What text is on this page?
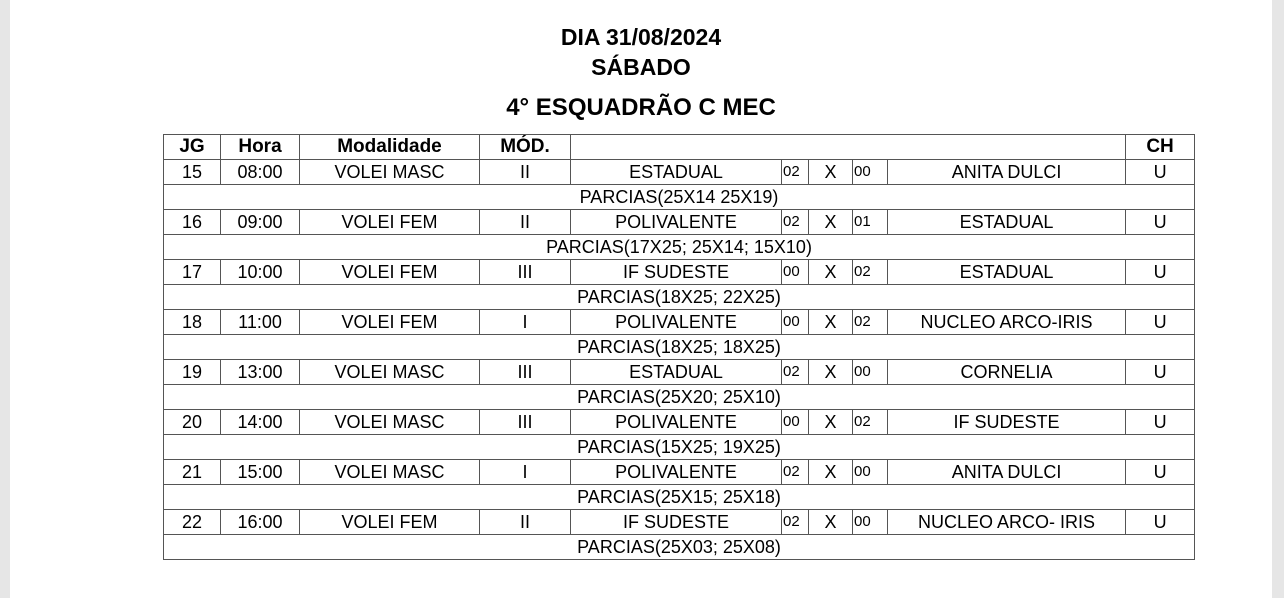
DIA 31/08/2024
SÁBADO
4° ESQUADRÃO C MEC
JG	Hora	Modalidade	MÓD.						CH
15	08:00	VOLEI MASC	II	ESTADUAL	02	X	00	ANITA DULCI	U
PARCIAS(25X14 25X19)									
16	09:00	VOLEI FEM	II	POLIVALENTE	02	X	01	ESTADUAL	U
PARCIAS(17X25; 25X14; 15X10)									
17	10:00	VOLEI FEM	III	IF SUDESTE	00	X	02	ESTADUAL	U
PARCIAS(18X25; 22X25)									
18	11:00	VOLEI FEM	I	POLIVALENTE	00	X	02	NUCLEO ARCO-IRIS	U
PARCIAS(18X25; 18X25)									
19	13:00	VOLEI MASC	III	ESTADUAL	02	X	00	CORNELIA	U
PARCIAS(25X20; 25X10)									
20	14:00	VOLEI MASC	III	POLIVALENTE	00	X	02	IF SUDESTE	U
PARCIAS(15X25; 19X25)									
21	15:00	VOLEI MASC	I	POLIVALENTE	02	X	00	ANITA DULCI	U
PARCIAS(25X15; 25X18)									
22	16:00	VOLEI FEM	II	IF SUDESTE	02	X	00	NUCLEO ARCO- IRIS	U
PARCIAS(25X03; 25X08)									
